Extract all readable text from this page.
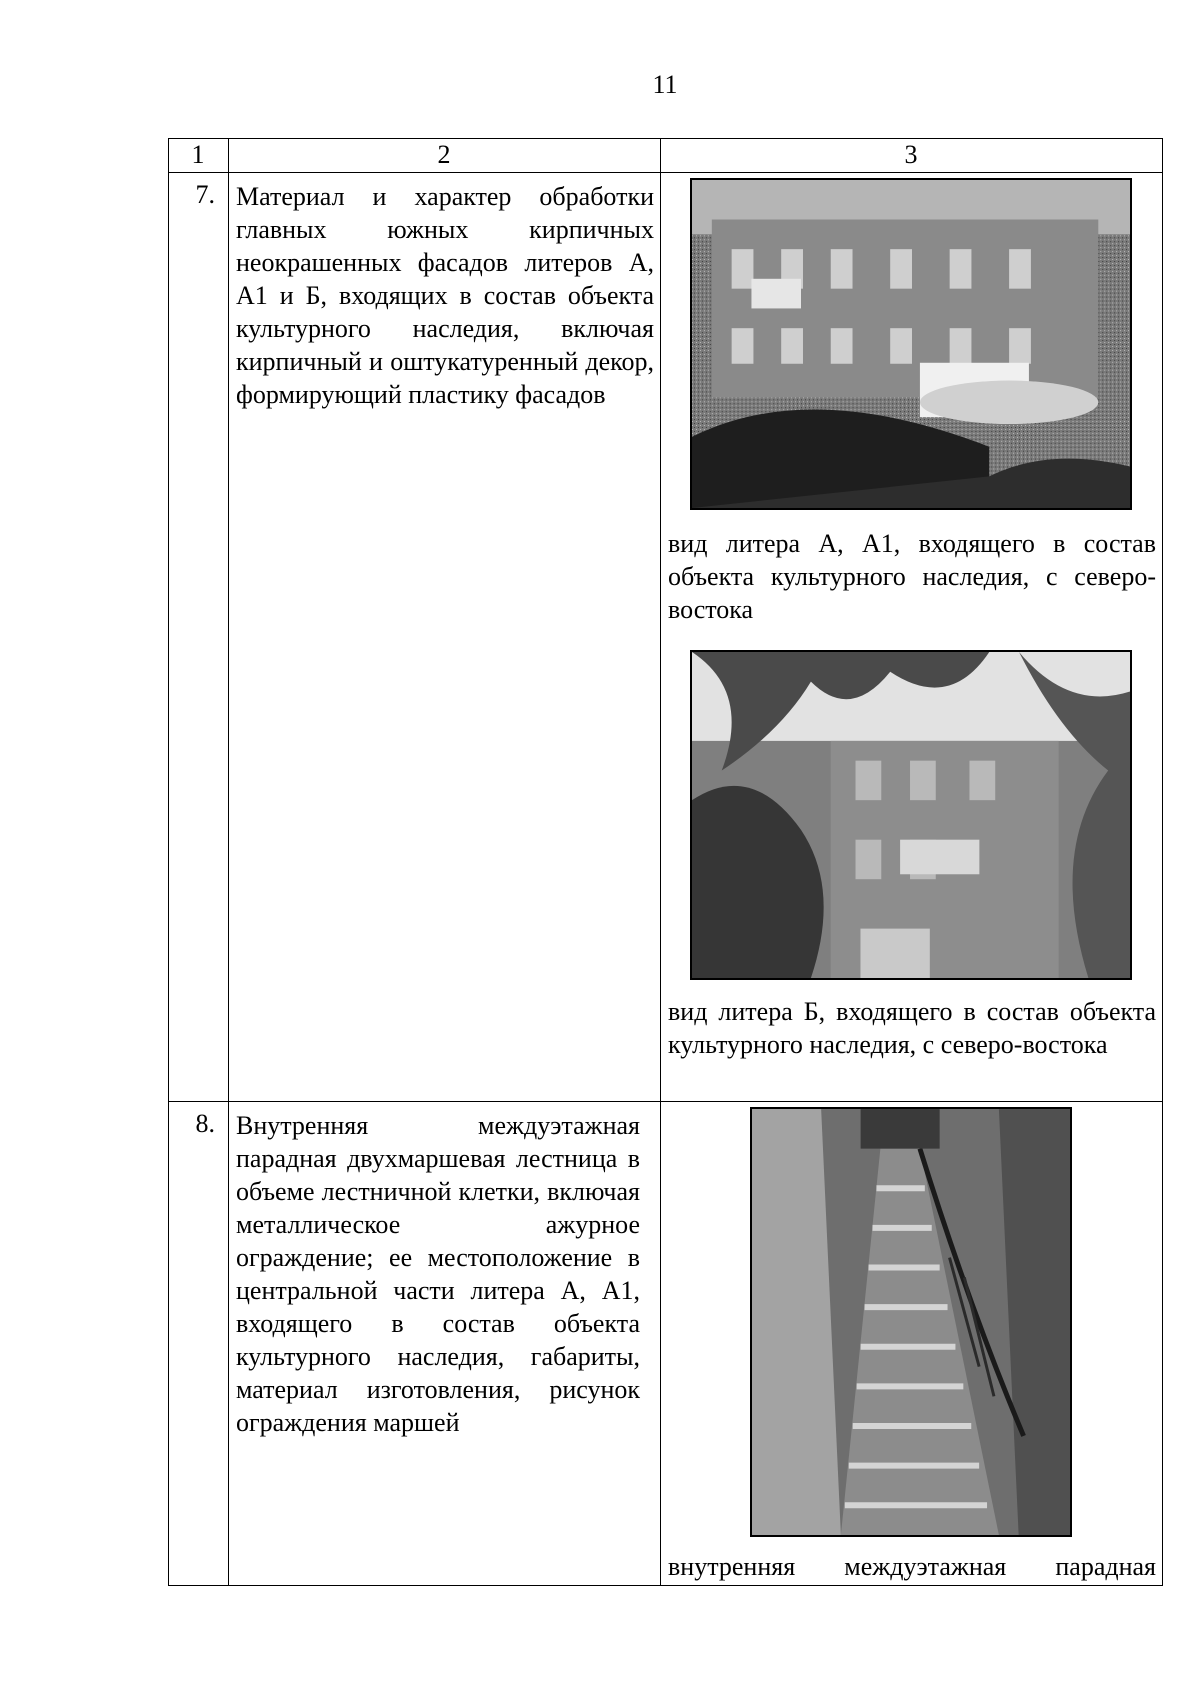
11
1	2	3
7. Материал и характер обработки главных южных кирпичных неокрашенных фасадов литеров А, А1 и Б, входящих в состав объекта культурного наследия, включая кирпичный и оштукатуренный декор, формирующий пластику фасадов
вид литера А, А1, входящего в состав объекта культурного наследия, с северо-востока
вид литера Б, входящего в состав объекта культурного наследия, с северо-востока
8. Внутренняя междуэтажная парадная двухмаршевая лестница в объеме лестничной клетки, включая металлическое ажурное ограждение; ее местоположение в центральной части литера А, А1, входящего в состав объекта культурного наследия, габариты, материал изготовления, рисунок ограждения маршей
внутренняя междуэтажная парадная
